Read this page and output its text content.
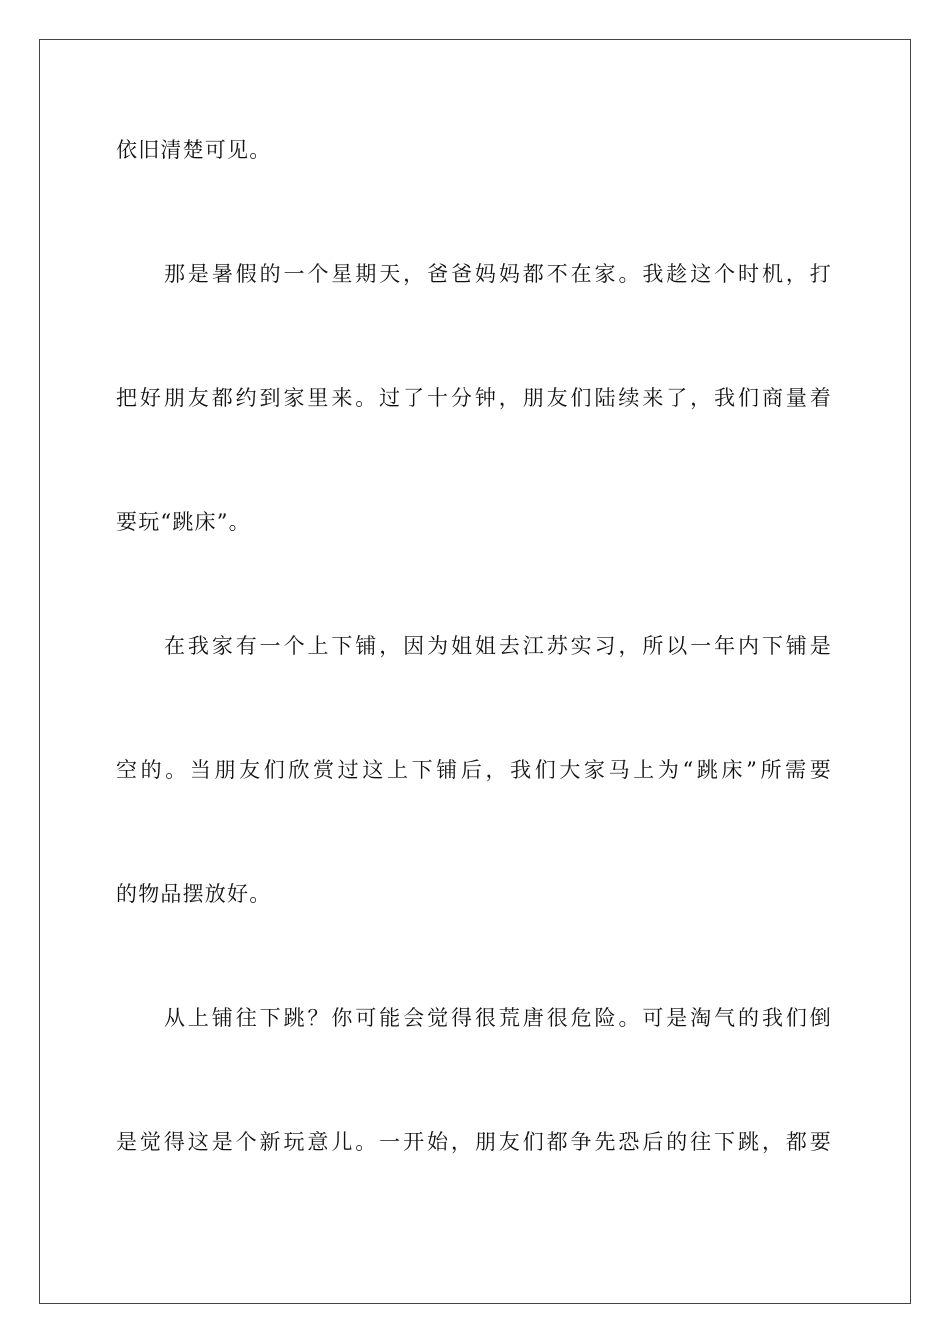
依旧清楚可见。
那是暑假的一个星期天，爸爸妈妈都不在家。我趁这个时机，打
把好朋友都约到家里来。过了十分钟，朋友们陆续来了，我们商量着
要玩“跳床”。
在我家有一个上下铺，因为姐姐去江苏实习，所以一年内下铺是
空的。当朋友们欣赏过这上下铺后，我们大家马上为“跳床”所需要
的物品摆放好。
从上铺往下跳？你可能会觉得很荒唐很危险。可是淘气的我们倒
是觉得这是个新玩意儿。一开始，朋友们都争先恐后的往下跳，都要
